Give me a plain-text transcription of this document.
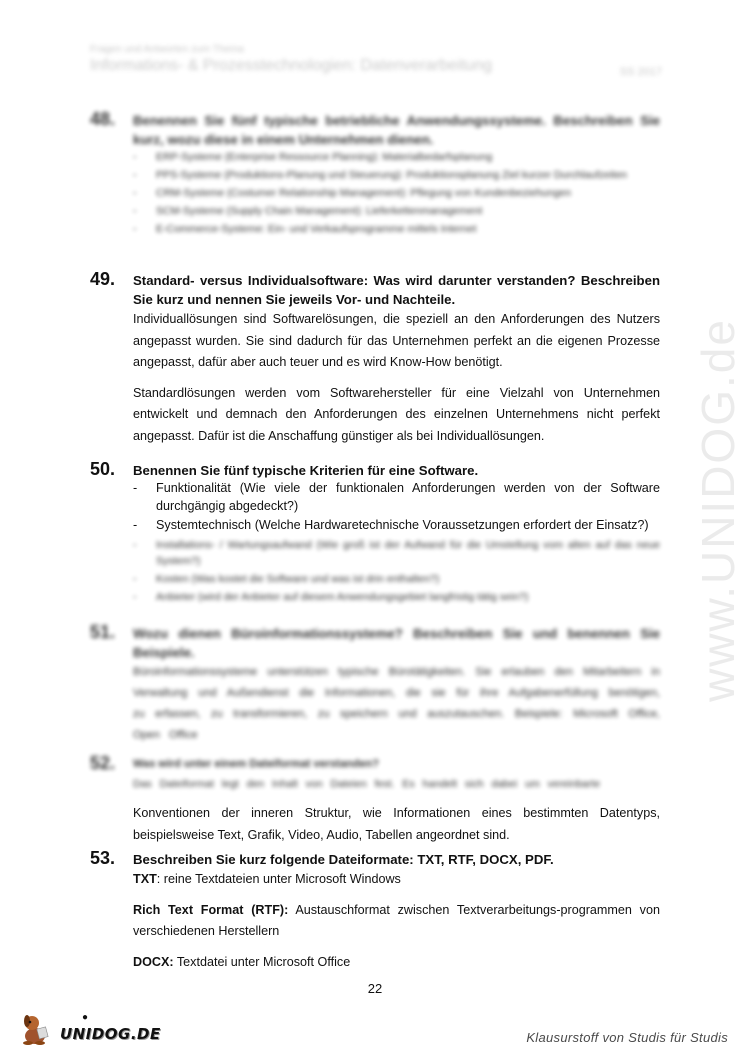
Fragen und Antworten zum Thema
Informations- & Prozesstechnologien: Datenverarbeitung	SS 2017
www.UNIDOG.de
48. Benennen Sie fünf typische betriebliche Anwendungssysteme. Beschreiben Sie kurz, wozu diese in einem Unternehmen dienen.
- ERP-Systeme (Enterprise Ressource Planning): Materialbedarfsplanung
- PPS-Systeme (Produktions-Planung und Steuerung): Produktionsplanung Ziel kurzer Durchlaufzeiten
- CRM-Systeme (Costumer Relationship Management): Pflegung von Kundenbeziehungen
- SCM-Systeme (Supply Chain Management): Lieferkettenmanagement
- E-Commerce-Systeme: Ein- und Verkaufsprogramme mittels Internet
49. Standard- versus Individualsoftware: Was wird darunter verstanden? Beschreiben Sie kurz und nennen Sie jeweils Vor- und Nachteile.
Individuallösungen sind Softwarelösungen, die speziell an den Anforderungen des Nutzers angepasst wurden. Sie sind dadurch für das Unternehmen perfekt an die eigenen Prozesse angepasst, dafür aber auch teuer und es wird Know-How benötigt.
Standardlösungen werden vom Softwarehersteller für eine Vielzahl von Unternehmen entwickelt und demnach den Anforderungen des einzelnen Unternehmens nicht perfekt angepasst. Dafür ist die Anschaffung günstiger als bei Individuallösungen.
50. Benennen Sie fünf typische Kriterien für eine Software.
- Funktionalität (Wie viele der funktionalen Anforderungen werden von der Software durchgängig abgedeckt?)
- Systemtechnisch (Welche Hardwaretechnische Voraussetzungen erfordert der Einsatz?)
- Installations- / Wartungsaufwand (Wie groß ist der Aufwand für die Umstellung vom alten auf das neue System?)
- Kosten (Was kostet die Software und was ist drin enthalten?)
- Anbieter (wird der Anbieter auf diesem Anwendungsgebiet langfristig tätig sein?)
51. Wozu dienen Büroinformationssysteme? Beschreiben Sie und benennen Sie Beispiele.
Büroinformationssysteme unterstützen typische Bürotätigkeiten. Sie erlauben den Mitarbeitern in Verwaltung und Außendienst die Informationen, die sie für ihre Aufgabenerfüllung benötigen, zu erfassen, zu transformieren, zu speichern und auszutauschen. Beispiele: Microsoft Office, Open Office
52. Was wird unter einem Dateiformat verstanden?
Das Dateiformat legt den Inhalt von Dateien fest. Es handelt sich dabei um vereinbarte
Konventionen der inneren Struktur, wie Informationen eines bestimmten Datentyps, beispielsweise Text, Grafik, Video, Audio, Tabellen angeordnet sind.
53. Beschreiben Sie kurz folgende Dateiformate: TXT, RTF, DOCX, PDF.
TXT: reine Textdateien unter Microsoft Windows
Rich Text Format (RTF): Austauschformat zwischen Textverarbeitungs-programmen von verschiedenen Herstellern
DOCX: Textdatei unter Microsoft Office
22
●
UNIDOG.DE	Klausurstoff von Studis für Studis
